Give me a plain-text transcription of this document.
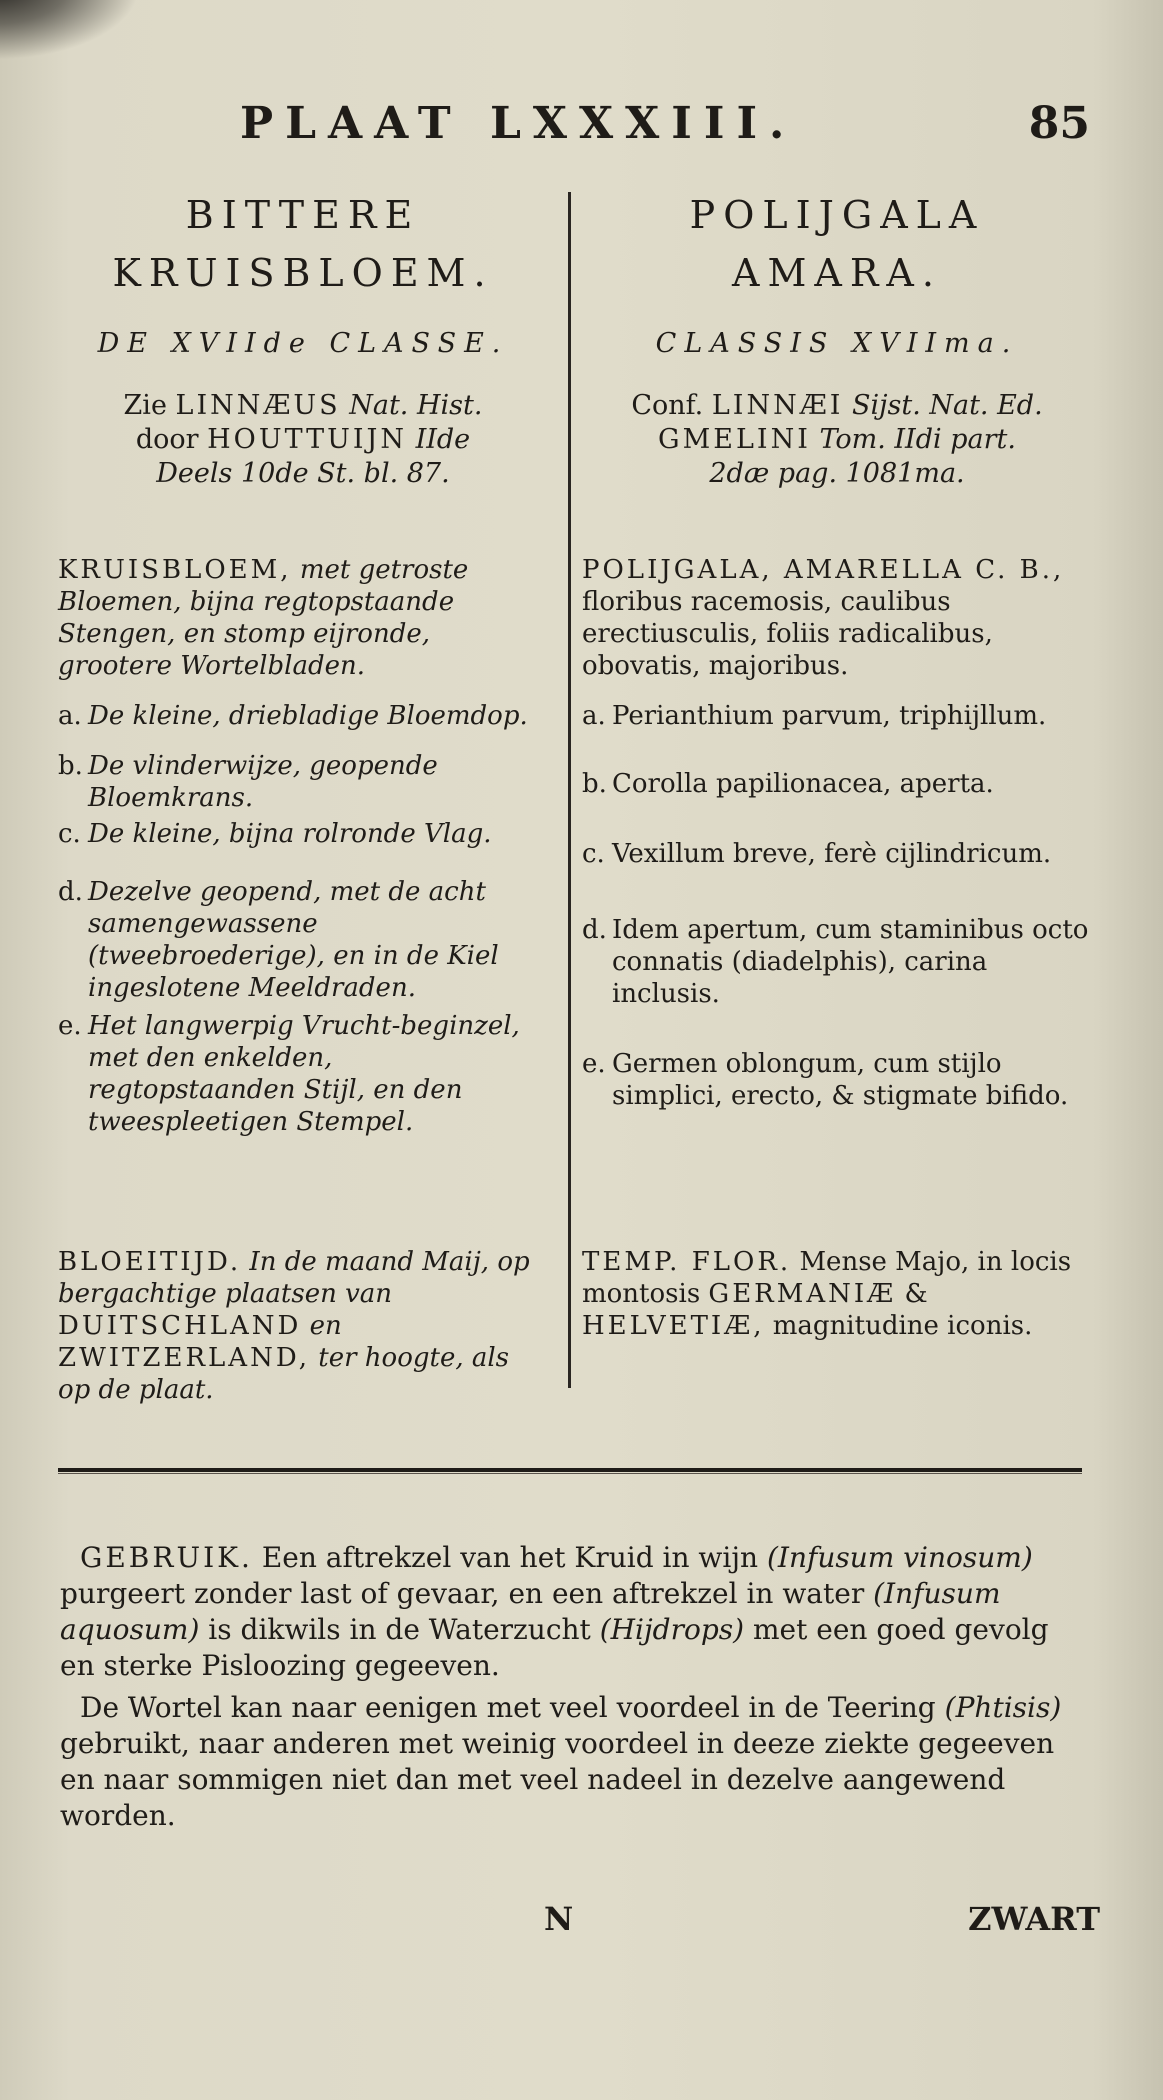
PLAAT LXXXIII.	85

BITTERE

KRUISBLOEM.

DE XVIIde CLASSE.
Zie LINNÆUS Nat. Hist.
door HOUTTUIJN IIde
Deels 10de St. bl. 87.
KRUISBLOEM, met getroste Bloemen, bijna regtopstaande Stengen, en stomp eijronde, grootere Wortelbladen.
a. De kleine, driebladige Bloemdop.
b. De vlinderwijze, geopende Bloemkrans.
c. De kleine, bijna rolronde Vlag.
d. Dezelve geopend, met de acht samengewassene (tweebroederige), en in de Kiel ingeslotene Meeldraden.
e. Het langwerpig Vrucht-beginzel, met den enkelden, regtopstaanden Stijl, en den tweespleetigen Stempel.
BLOEITIJD. In de maand Maij, op bergachtige plaatsen van DUITSCHLAND en ZWITZERLAND, ter hoogte, als op de plaat.

POLIJGALA

AMARA.

CLASSIS XVIIma.
Conf. LINNÆI Sijst. Nat. Ed.
GMELINI Tom. IIdi part.
2dæ pag. 1081ma.
POLIJGALA, AMARELLA C. B., floribus racemosis, caulibus erectiusculis, foliis radicalibus, obovatis, majoribus.
a. Perianthium parvum, triphijllum.
b. Corolla papilionacea, aperta.
c. Vexillum breve, ferè cijlindricum.
d. Idem apertum, cum staminibus octo connatis (diadelphis), carina inclusis.
e. Germen oblongum, cum stijlo simplici, erecto, & stigmate bifido.
TEMP. FLOR. Mense Majo, in locis montosis GERMANIÆ & HELVETIÆ, magnitudine iconis.

GEBRUIK. Een aftrekzel van het Kruid in wijn (Infusum vinosum) purgeert zonder last of gevaar, en een aftrekzel in water (Infusum aquosum) is dikwils in de Waterzucht (Hijdrops) met een goed gevolg en sterke Pisloozing gegeeven.

De Wortel kan naar eenigen met veel voordeel in de Teering (Phtisis) gebruikt, naar anderen met weinig voordeel in deeze ziekte gegeeven en naar sommigen niet dan met veel nadeel in dezelve aangewend worden.

N	ZWART
